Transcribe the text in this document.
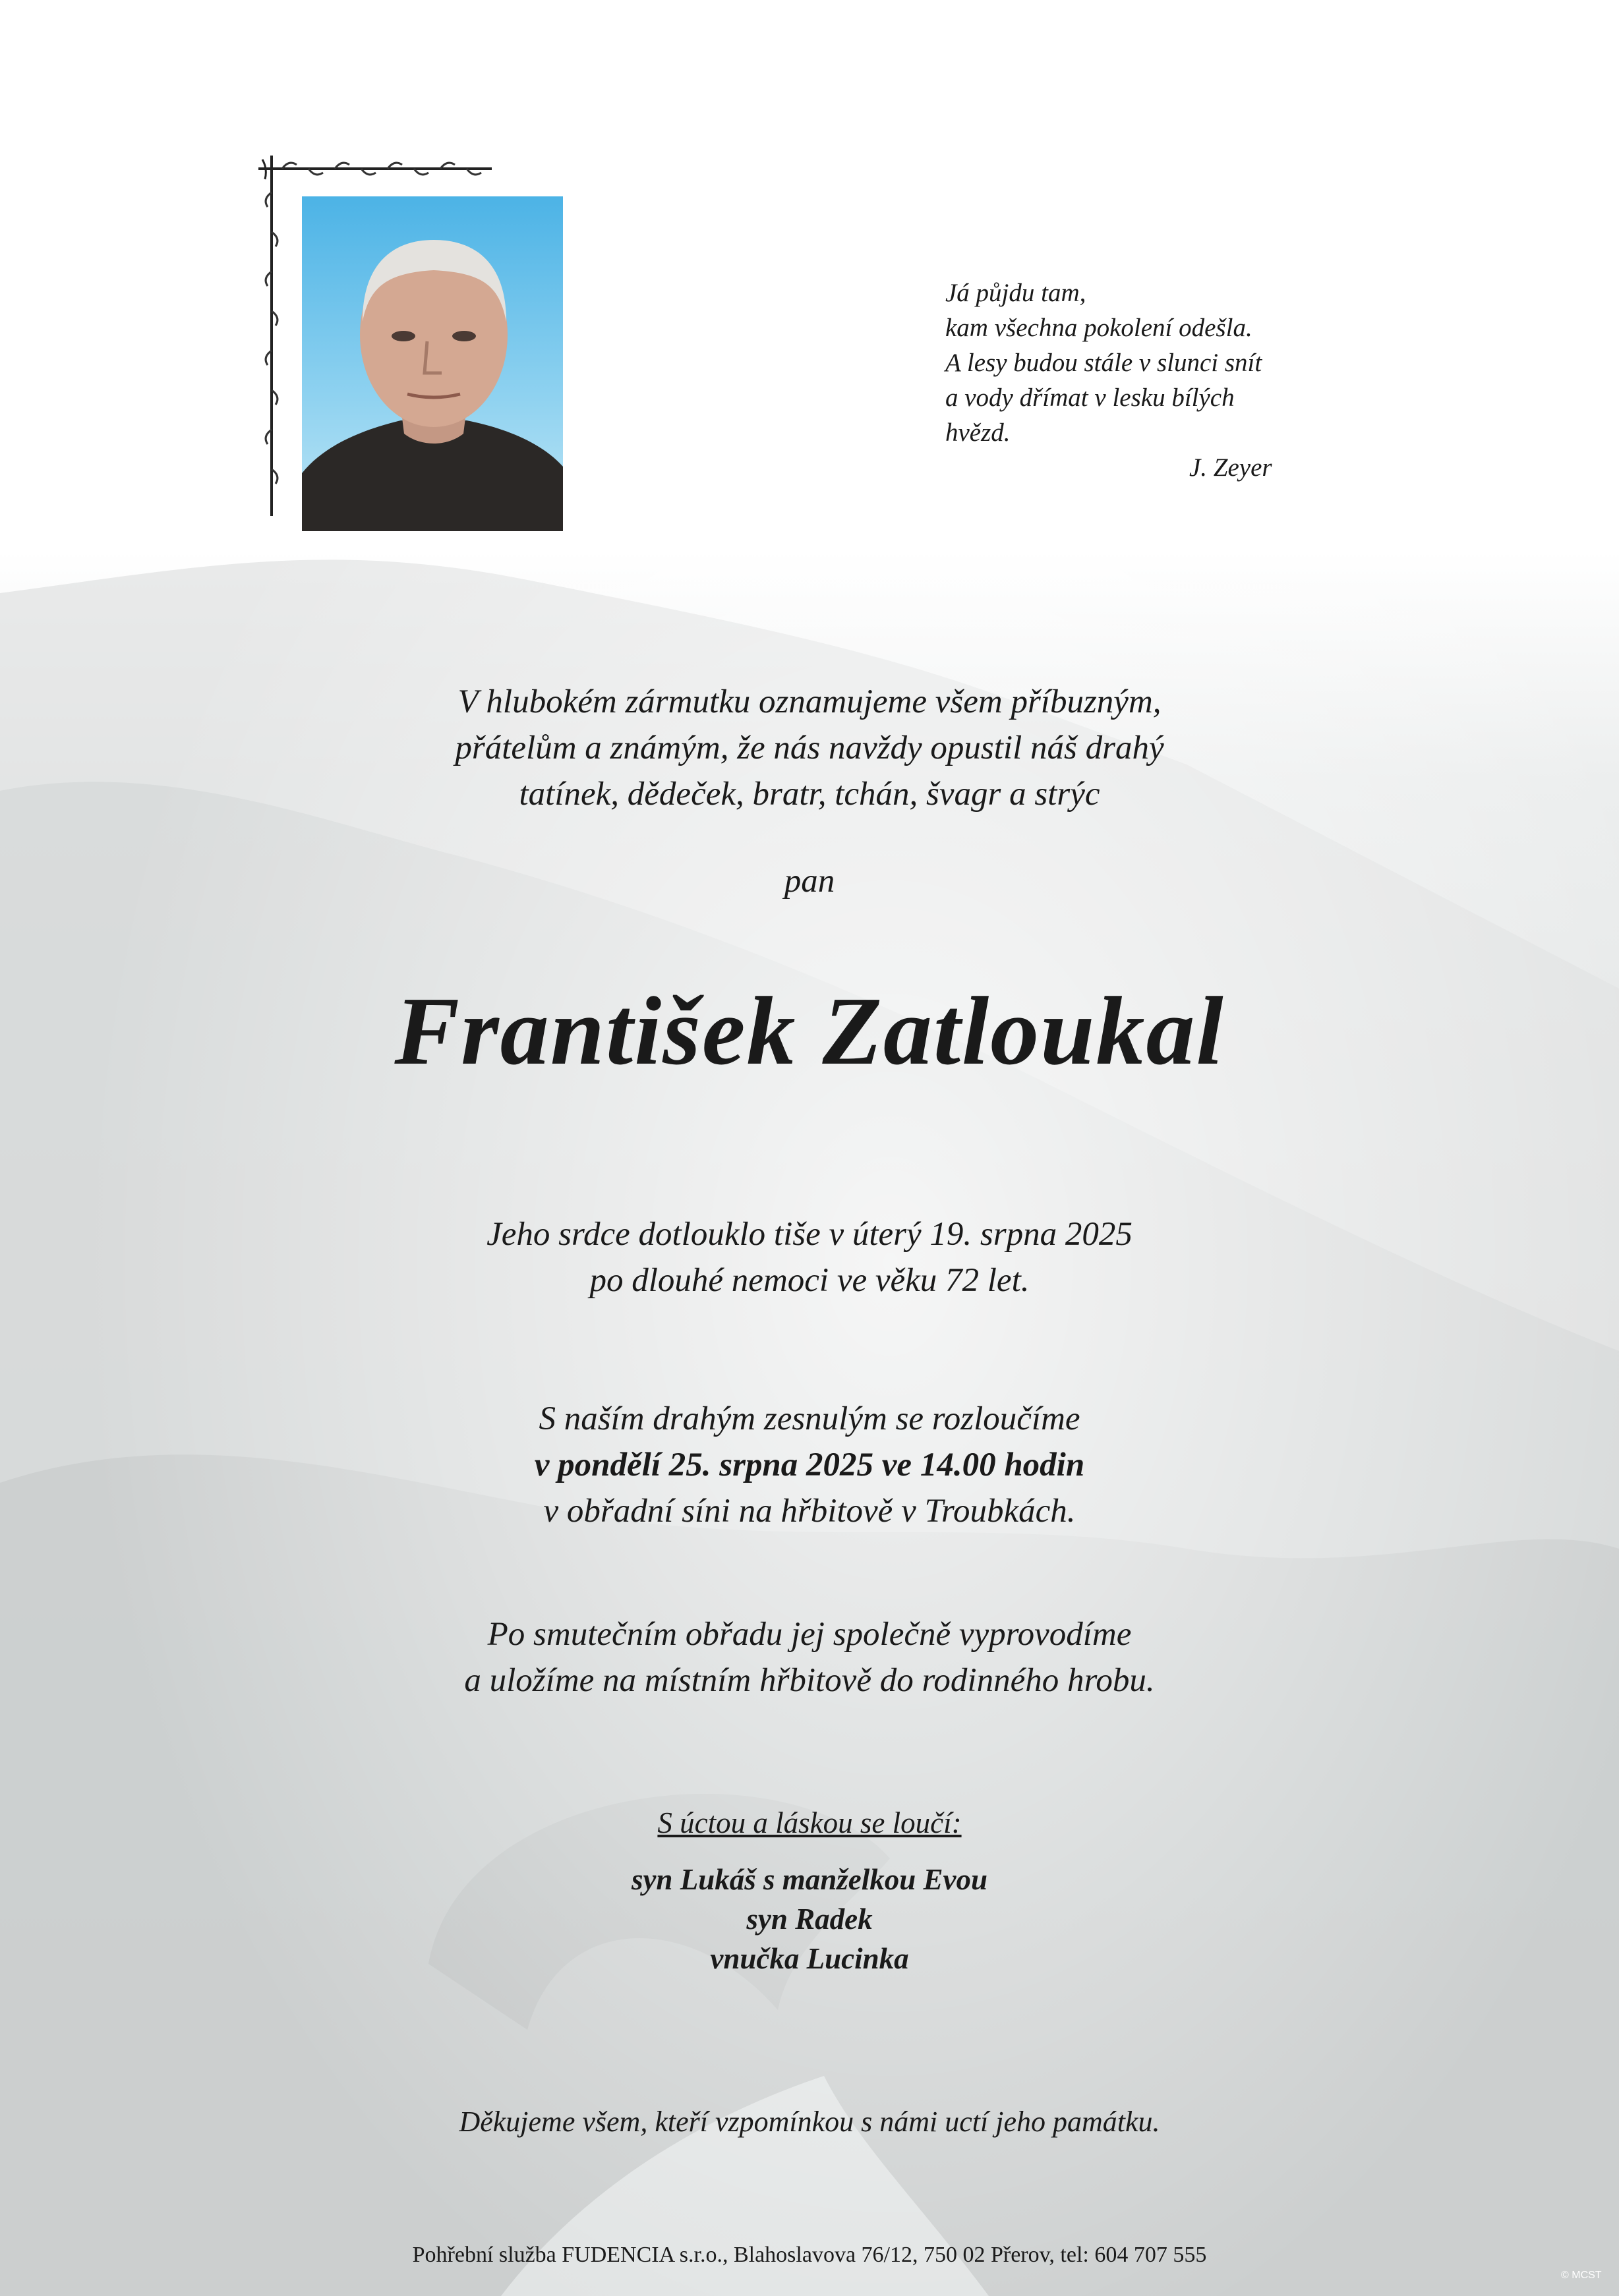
Já půjdu tam,
kam všechna pokolení odešla.
A lesy budou stále v slunci snít
a vody dřímat v lesku bílých
hvězd.
J. Zeyer
V hlubokém zármutku oznamujeme všem příbuzným,
přátelům a známým, že nás navždy opustil náš drahý
tatínek, dědeček, bratr, tchán, švagr a strýc
pan
František Zatloukal
Jeho srdce dotlouklo tiše v úterý 19. srpna 2025
po dlouhé nemoci ve věku 72 let.
S naším drahým zesnulým se rozloučíme
v pondělí 25. srpna 2025 ve 14.00 hodin
v obřadní síni na hřbitově v Troubkách.
Po smutečním obřadu jej společně vyprovodíme
a uložíme na místním hřbitově do rodinného hrobu.
S úctou a láskou se loučí:
syn Lukáš s manželkou Evou
syn Radek
vnučka Lucinka
Děkujeme všem, kteří vzpomínkou s námi uctí jeho památku.
Pohřební služba FUDENCIA s.r.o., Blahoslavova 76/12, 750 02 Přerov, tel: 604 707 555
© MCST
